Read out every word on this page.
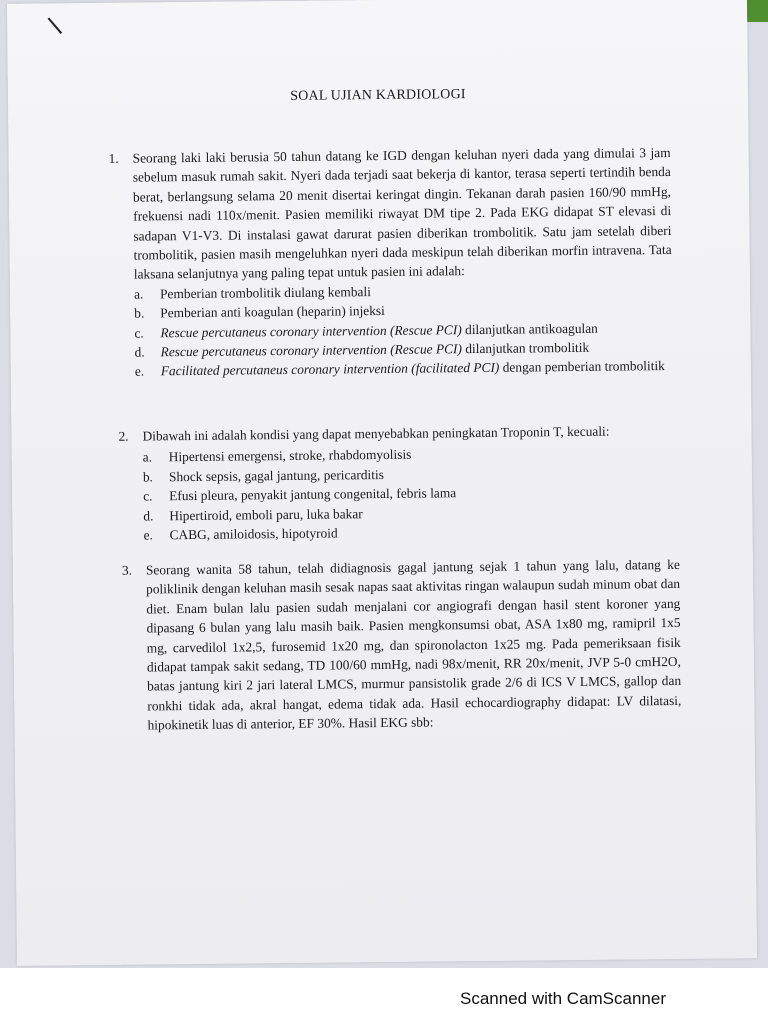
SOAL UJIAN KARDIOLOGI
1. Seorang laki laki berusia 50 tahun datang ke IGD dengan keluhan nyeri dada yang dimulai 3 jam sebelum masuk rumah sakit. Nyeri dada terjadi saat bekerja di kantor, terasa seperti tertindih benda berat, berlangsung selama 20 menit disertai keringat dingin. Tekanan darah pasien 160/90 mmHg, frekuensi nadi 110x/menit. Pasien memiliki riwayat DM tipe 2. Pada EKG didapat ST elevasi di sadapan V1-V3. Di instalasi gawat darurat pasien diberikan trombolitik. Satu jam setelah diberi trombolitik, pasien masih mengeluhkan nyeri dada meskipun telah diberikan morfin intravena. Tata laksana selanjutnya yang paling tepat untuk pasien ini adalah:

a. Pemberian trombolitik diulang kembali
b. Pemberian anti koagulan (heparin) injeksi
c. Rescue percutaneus coronary intervention (Rescue PCI) dilanjutkan antikoagulan
d. Rescue percutaneus coronary intervention (Rescue PCI) dilanjutkan trombolitik
e. Facilitated percutaneus coronary intervention (facilitated PCI) dengan pemberian trombolitik
2. Dibawah ini adalah kondisi yang dapat menyebabkan peningkatan Troponin T, kecuali:

a. Hipertensi emergensi, stroke, rhabdomyolisis
b. Shock sepsis, gagal jantung, pericarditis
c. Efusi pleura, penyakit jantung congenital, febris lama
d. Hipertiroid, emboli paru, luka bakar
e. CABG, amiloidosis, hipotyroid
3. Seorang wanita 58 tahun, telah didiagnosis gagal jantung sejak 1 tahun yang lalu, datang ke poliklinik dengan keluhan masih sesak napas saat aktivitas ringan walaupun sudah minum obat dan diet. Enam bulan lalu pasien sudah menjalani cor angiografi dengan hasil stent koroner yang dipasang 6 bulan yang lalu masih baik. Pasien mengkonsumsi obat, ASA 1x80 mg, ramipril 1x5 mg, carvedilol 1x2,5, furosemid 1x20 mg, dan spironolacton 1x25 mg. Pada pemeriksaan fisik didapat tampak sakit sedang, TD 100/60 mmHg, nadi 98x/menit, RR 20x/menit, JVP 5-0 cmH2O, batas jantung kiri 2 jari lateral LMCS, murmur pansistolik grade 2/6 di ICS V LMCS, gallop dan ronkhi tidak ada, akral hangat, edema tidak ada. Hasil echocardiography didapat: LV dilatasi, hipokinetik luas di anterior, EF 30%. Hasil EKG sbb:

Scanned with CamScanner
